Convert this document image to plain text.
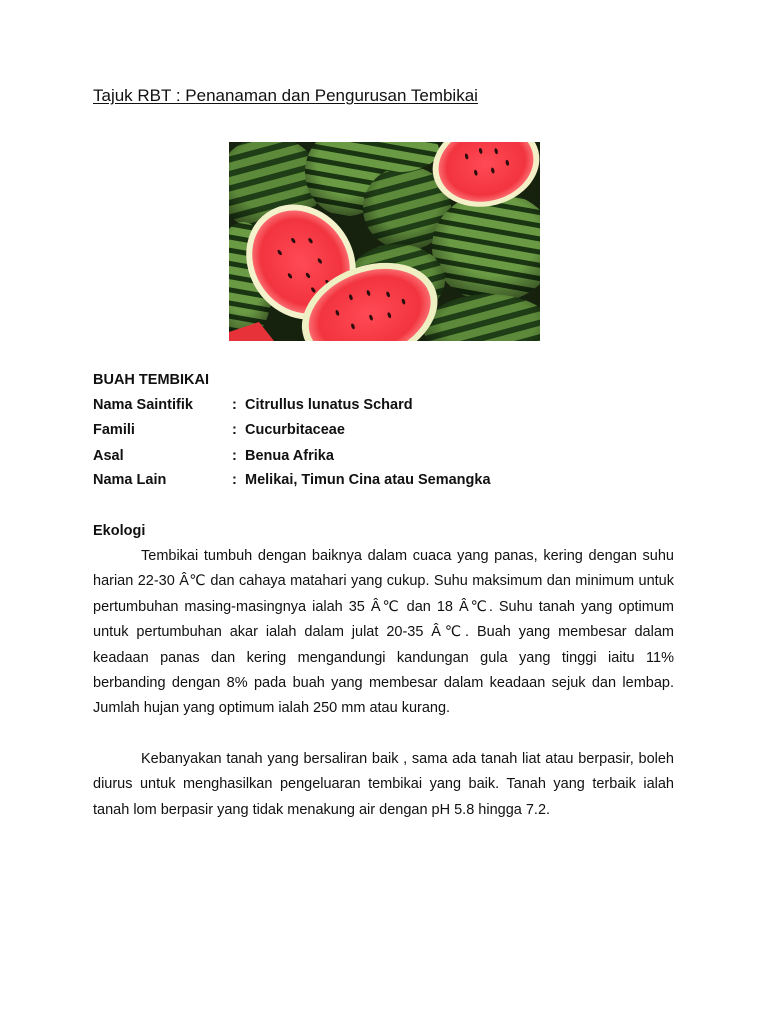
Tajuk RBT : Penanaman dan Pengurusan Tembikai
BUAH TEMBIKAI
Nama Saintifik	: Citrullus lunatus Schard
Famili	: Cucurbitaceae
Asal	: Benua Afrika
Nama Lain	: Melikai, Timun Cina atau Semangka
Ekologi

Tembikai tumbuh dengan baiknya dalam cuaca yang panas, kering dengan suhu harian 22-30 Â℃ dan cahaya matahari yang cukup. Suhu maksimum dan minimum untuk pertumbuhan masing-masingnya ialah 35 Â℃ dan 18 Â℃. Suhu tanah yang optimum untuk pertumbuhan akar ialah dalam julat 20-35 Â℃. Buah yang membesar dalam keadaan panas dan kering mengandungi kandungan gula yang tinggi iaitu 11% berbanding dengan 8% pada buah yang membesar dalam keadaan sejuk dan lembap. Jumlah hujan yang optimum ialah 250 mm atau kurang.

Kebanyakan tanah yang bersaliran baik , sama ada tanah liat atau berpasir, boleh diurus untuk menghasilkan pengeluaran tembikai yang baik. Tanah yang terbaik ialah tanah lom berpasir yang tidak menakung air dengan pH 5.8 hingga 7.2.
